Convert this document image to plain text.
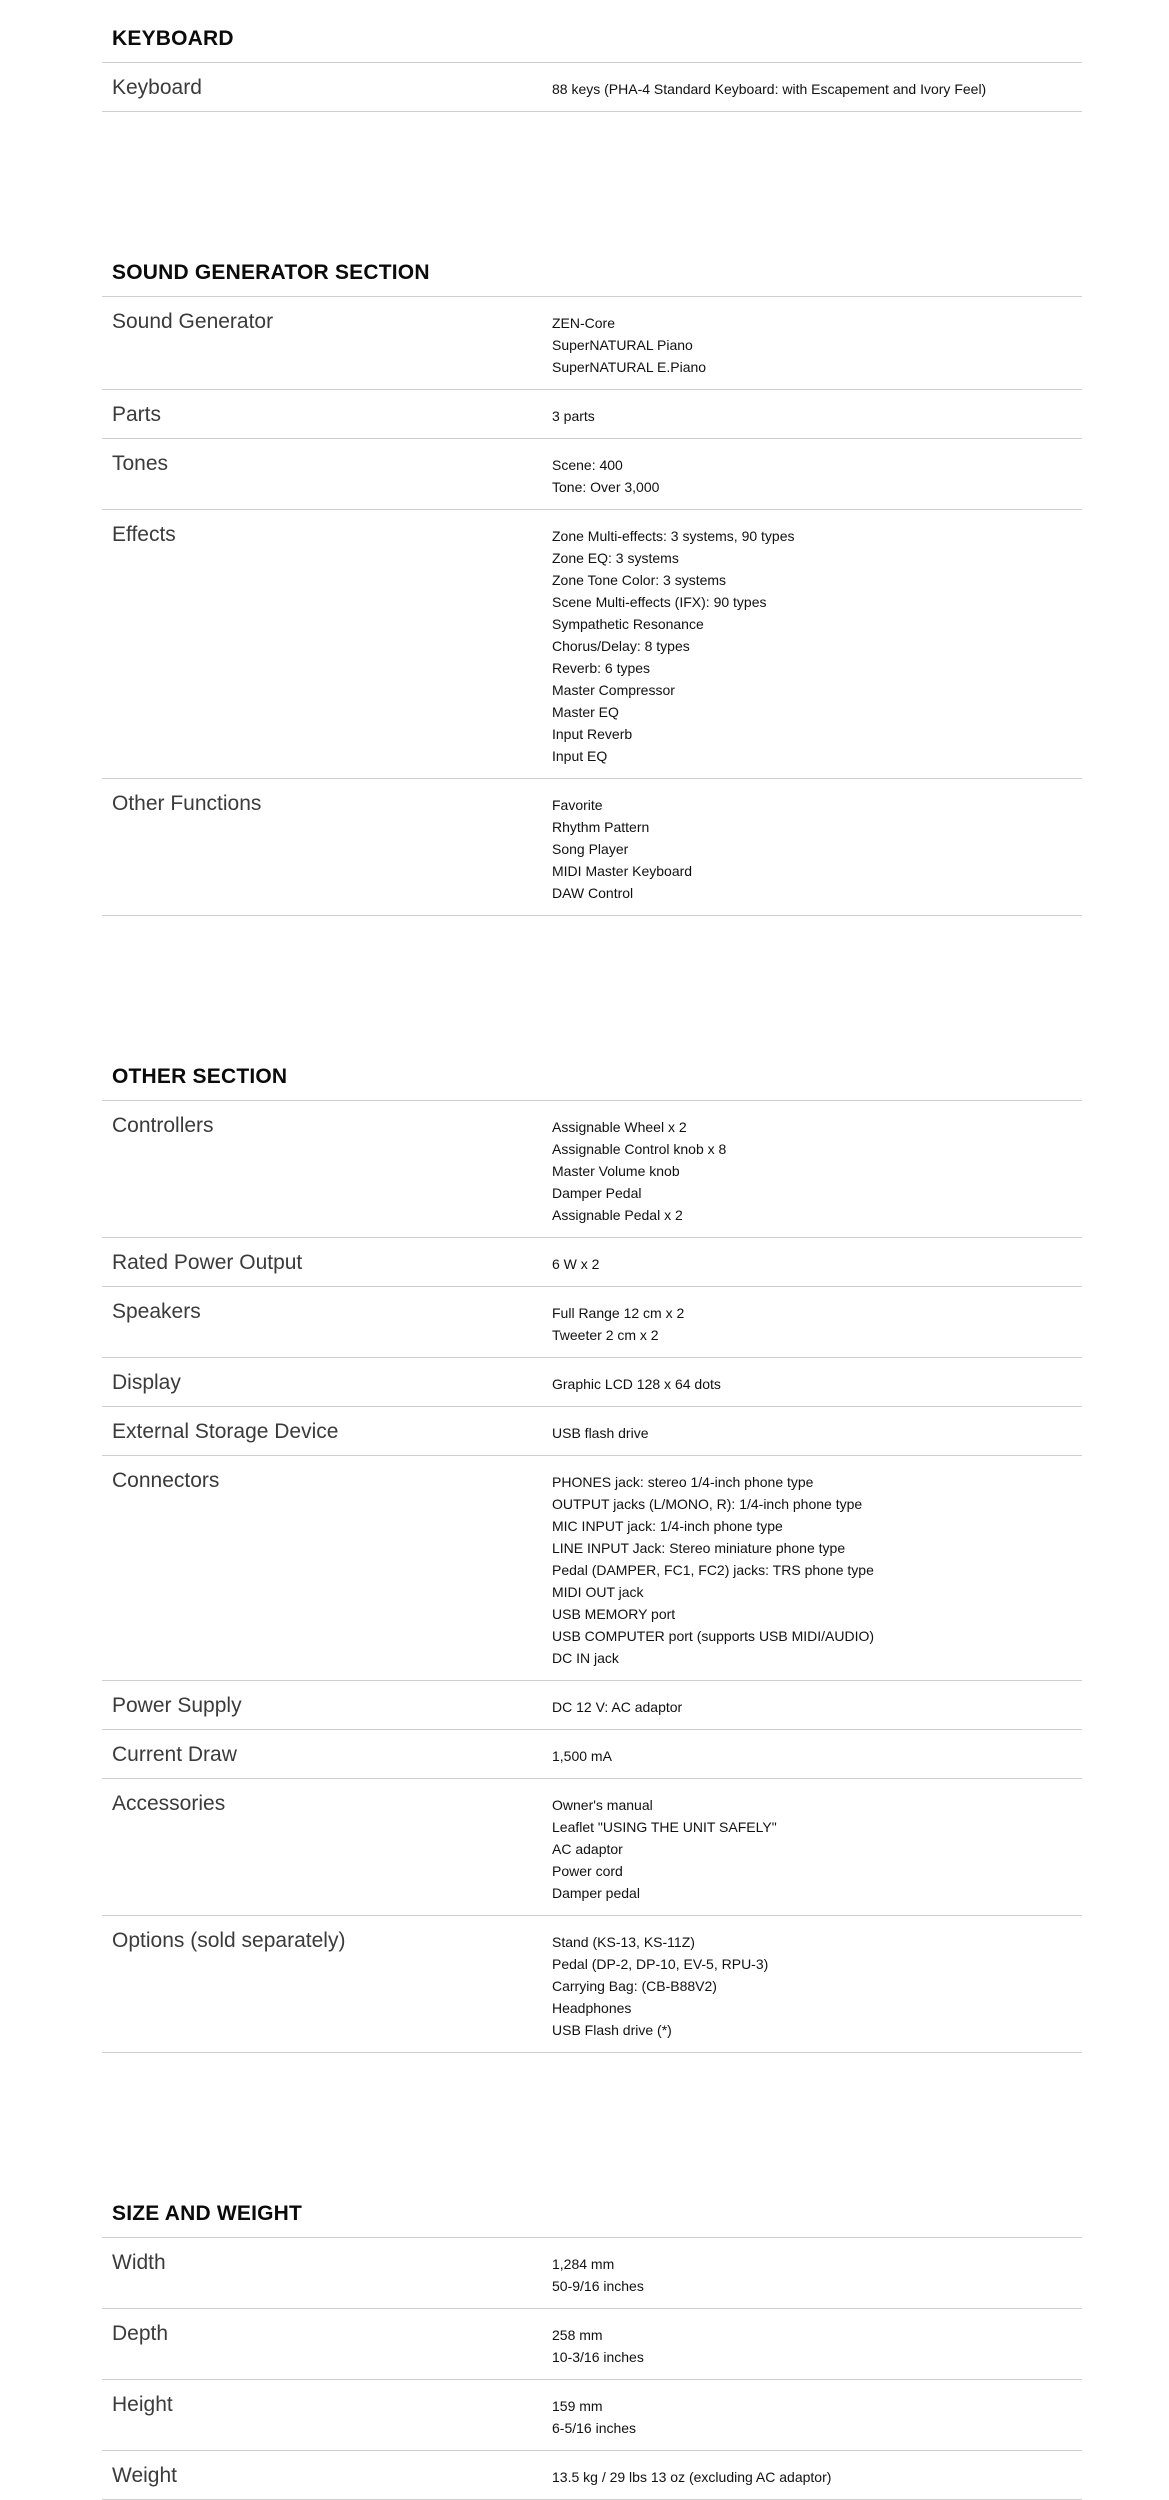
KEYBOARD
Keyboard	88 keys (PHA-4 Standard Keyboard: with Escapement and Ivory Feel)
SOUND GENERATOR SECTION
Sound Generator	ZEN-Core
SuperNATURAL Piano
SuperNATURAL E.Piano
Parts	3 parts
Tones	Scene: 400
Tone: Over 3,000
Effects	Zone Multi-effects: 3 systems, 90 types
Zone EQ: 3 systems
Zone Tone Color: 3 systems
Scene Multi-effects (IFX): 90 types
Sympathetic Resonance
Chorus/Delay: 8 types
Reverb: 6 types
Master Compressor
Master EQ
Input Reverb
Input EQ
Other Functions	Favorite
Rhythm Pattern
Song Player
MIDI Master Keyboard
DAW Control
OTHER SECTION
Controllers	Assignable Wheel x 2
Assignable Control knob x 8
Master Volume knob
Damper Pedal
Assignable Pedal x 2
Rated Power Output	6 W x 2
Speakers	Full Range 12 cm x 2
Tweeter 2 cm x 2
Display	Graphic LCD 128 x 64 dots
External Storage Device	USB flash drive
Connectors	PHONES jack: stereo 1/4-inch phone type
OUTPUT jacks (L/MONO, R): 1/4-inch phone type
MIC INPUT jack: 1/4-inch phone type
LINE INPUT Jack: Stereo miniature phone type
Pedal (DAMPER, FC1, FC2) jacks: TRS phone type
MIDI OUT jack
USB MEMORY port
USB COMPUTER port (supports USB MIDI/AUDIO)
DC IN jack
Power Supply	DC 12 V: AC adaptor
Current Draw	1,500 mA
Accessories	Owner's manual
Leaflet "USING THE UNIT SAFELY"
AC adaptor
Power cord
Damper pedal
Options (sold separately)	Stand (KS-13, KS-11Z)
Pedal (DP-2, DP-10, EV-5, RPU-3)
Carrying Bag: (CB-B88V2)
Headphones
USB Flash drive (*)
SIZE AND WEIGHT
Width	1,284 mm
50-9/16 inches
Depth	258 mm
10-3/16 inches
Height	159 mm
6-5/16 inches
Weight	13.5 kg / 29 lbs 13 oz (excluding AC adaptor)
